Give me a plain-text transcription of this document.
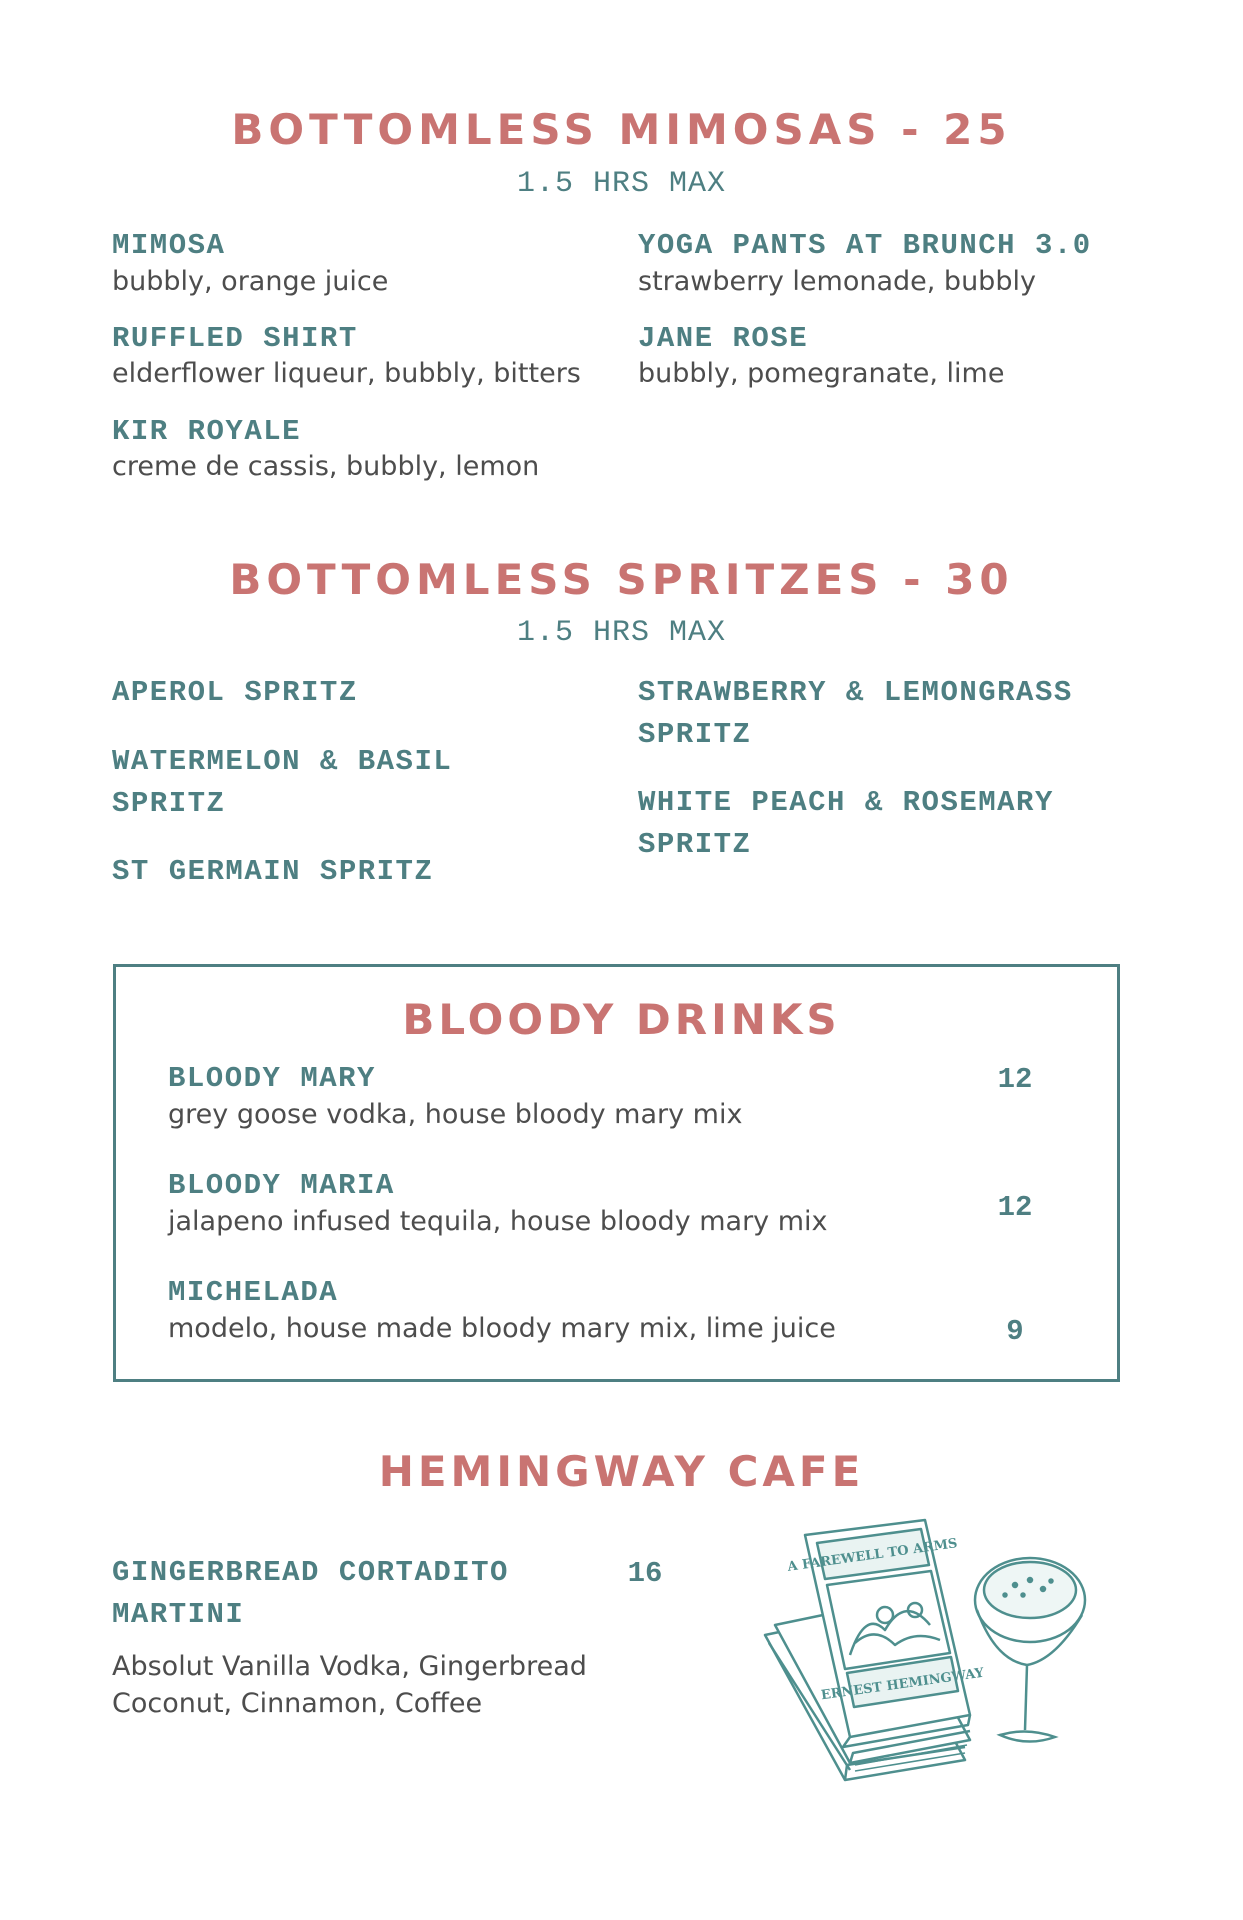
BOTTOMLESS MIMOSAS - 25
1.5 HRS MAX
MIMOSA
bubbly, orange juice
YOGA PANTS AT BRUNCH 3.0
strawberry lemonade, bubbly
RUFFLED SHIRT
elderflower liqueur, bubbly, bitters
JANE ROSE
bubbly, pomegranate, lime
KIR ROYALE
creme de cassis, bubbly, lemon
BOTTOMLESS SPRITZES - 30
1.5 HRS MAX
APEROL SPRITZ	STRAWBERRY & LEMONGRASS SPRITZ
WATERMELON & BASIL SPRITZ	WHITE PEACH & ROSEMARY SPRITZ
ST GERMAIN SPRITZ
BLOODY DRINKS
BLOODY MARY
grey goose vodka, house bloody mary mix
12
BLOODY MARIA
jalapeno infused tequila, house bloody mary mix	12
MICHELADA
modelo, house made bloody mary mix, lime juice	9
HEMINGWAY CAFE
GINGERBREAD CORTADITO MARTINI
16
Absolut Vanilla Vodka, Gingerbread Coconut, Cinnamon, Coffee
A FAREWELL TO ARMS
ERNEST HEMINGWAY
